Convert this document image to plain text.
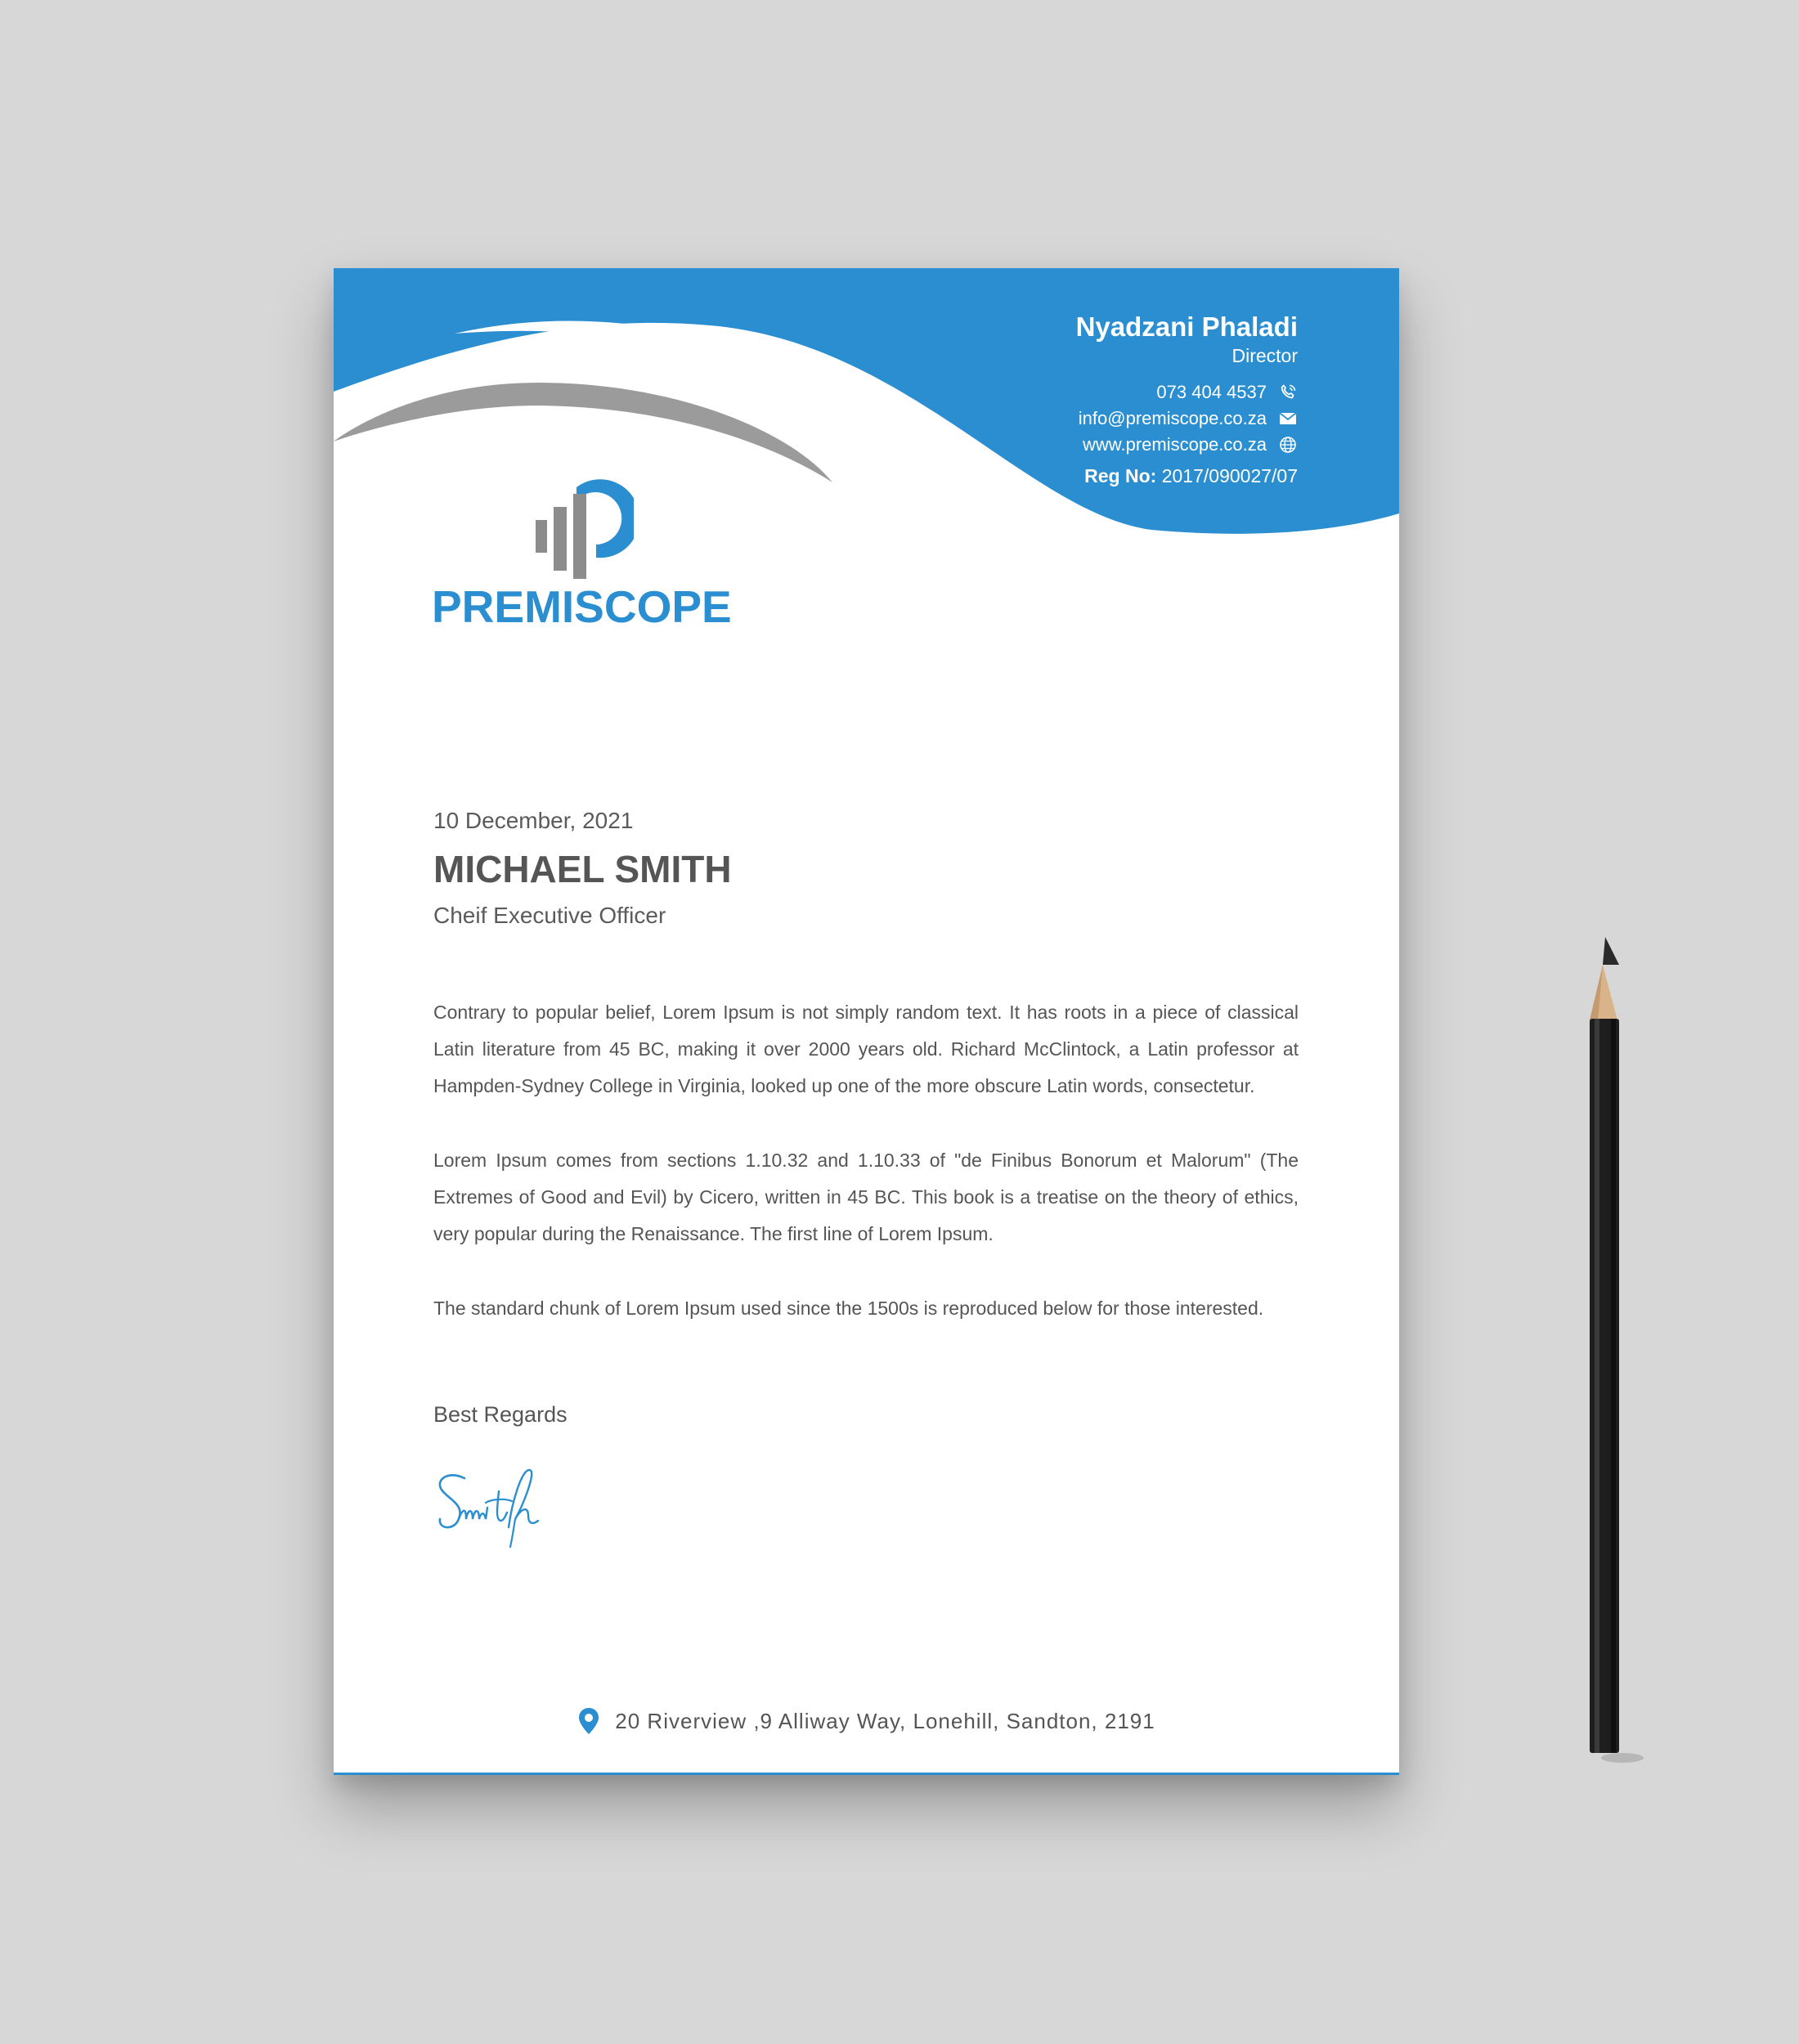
Nyadzani Phaladi
Director
073 404 4537
info@premiscope.co.za
www.premiscope.co.za
Reg No: 2017/090027/07
PREMISCOPE
10 December, 2021
MICHAEL SMITH
Cheif Executive Officer

Contrary to popular belief, Lorem Ipsum is not simply random text. It has roots in a piece of classical Latin literature from 45 BC, making it over 2000 years old. Richard McClintock, a Latin professor at Hampden-Sydney College in Virginia, looked up one of the more obscure Latin words, consectetur.

Lorem Ipsum comes from sections 1.10.32 and 1.10.33 of "de Finibus Bonorum et Malorum" (The Extremes of Good and Evil) by Cicero, written in 45 BC. This book is a treatise on the theory of ethics, very popular during the Renaissance. The first line of Lorem Ipsum.

The standard chunk of Lorem Ipsum used since the 1500s is reproduced below for those interested.

Best Regards
20 Riverview ,9 Alliway Way, Lonehill, Sandton, 2191
